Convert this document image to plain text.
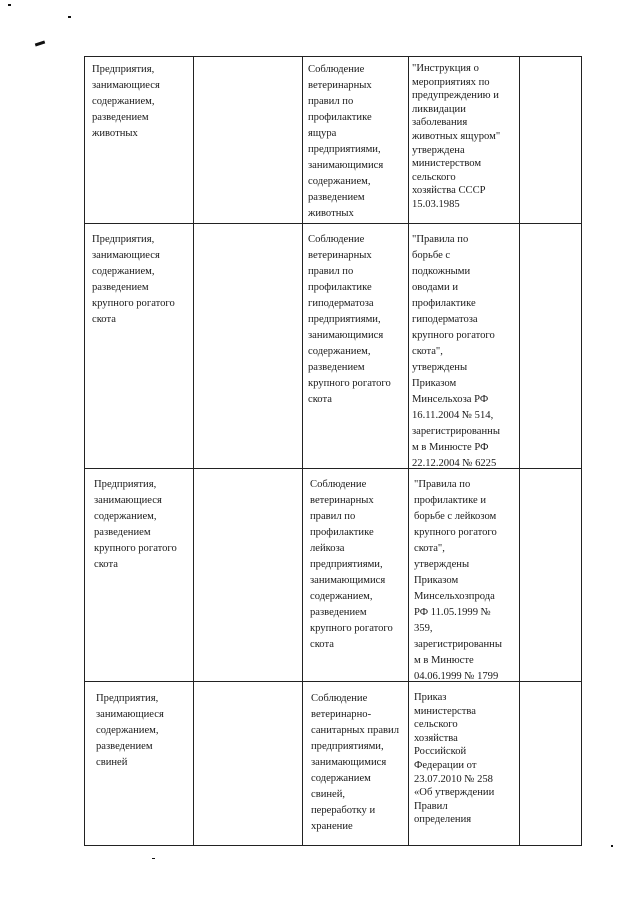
Предприятия,
занимающиеся
содержанием,
разведением
животных
Соблюдение
ветеринарных
правил по
профилактике
ящура
предприятиями,
занимающимися
содержанием,
разведением
животных
"Инструкция о
мероприятиях по
предупреждению и
ликвидации
заболевания
животных ящуром"
утверждена
министерством
сельского
хозяйства СССР
15.03.1985
Предприятия,
занимающиеся
содержанием,
разведением
крупного рогатого
скота
Соблюдение
ветеринарных
правил по
профилактике
гиподерматоза
предприятиями,
занимающимися
содержанием,
разведением
крупного рогатого
скота
"Правила по
борьбе с
подкожными
оводами и
профилактике
гиподерматоза
крупного рогатого
скота",
утверждены
Приказом
Минсельхоза РФ
16.11.2004 № 514,
зарегистрированны
м в Минюсте РФ
22.12.2004 № 6225
Предприятия,
занимающиеся
содержанием,
разведением
крупного рогатого
скота
Соблюдение
ветеринарных
правил по
профилактике
лейкоза
предприятиями,
занимающимися
содержанием,
разведением
крупного рогатого
скота
"Правила по
профилактике и
борьбе с лейкозом
крупного рогатого
скота",
утверждены
Приказом
Минсельхозпрода
РФ 11.05.1999 №
359,
зарегистрированны
м в Минюсте
04.06.1999 № 1799
Предприятия,
занимающиеся
содержанием,
разведением
свиней
Соблюдение
ветеринарно-
санитарных правил
предприятиями,
занимающимися
содержанием
свиней,
переработку и
хранение
Приказ
министерства
сельского
хозяйства
Российской
Федерации от
23.07.2010 № 258
«Об утверждении
Правил
определения
